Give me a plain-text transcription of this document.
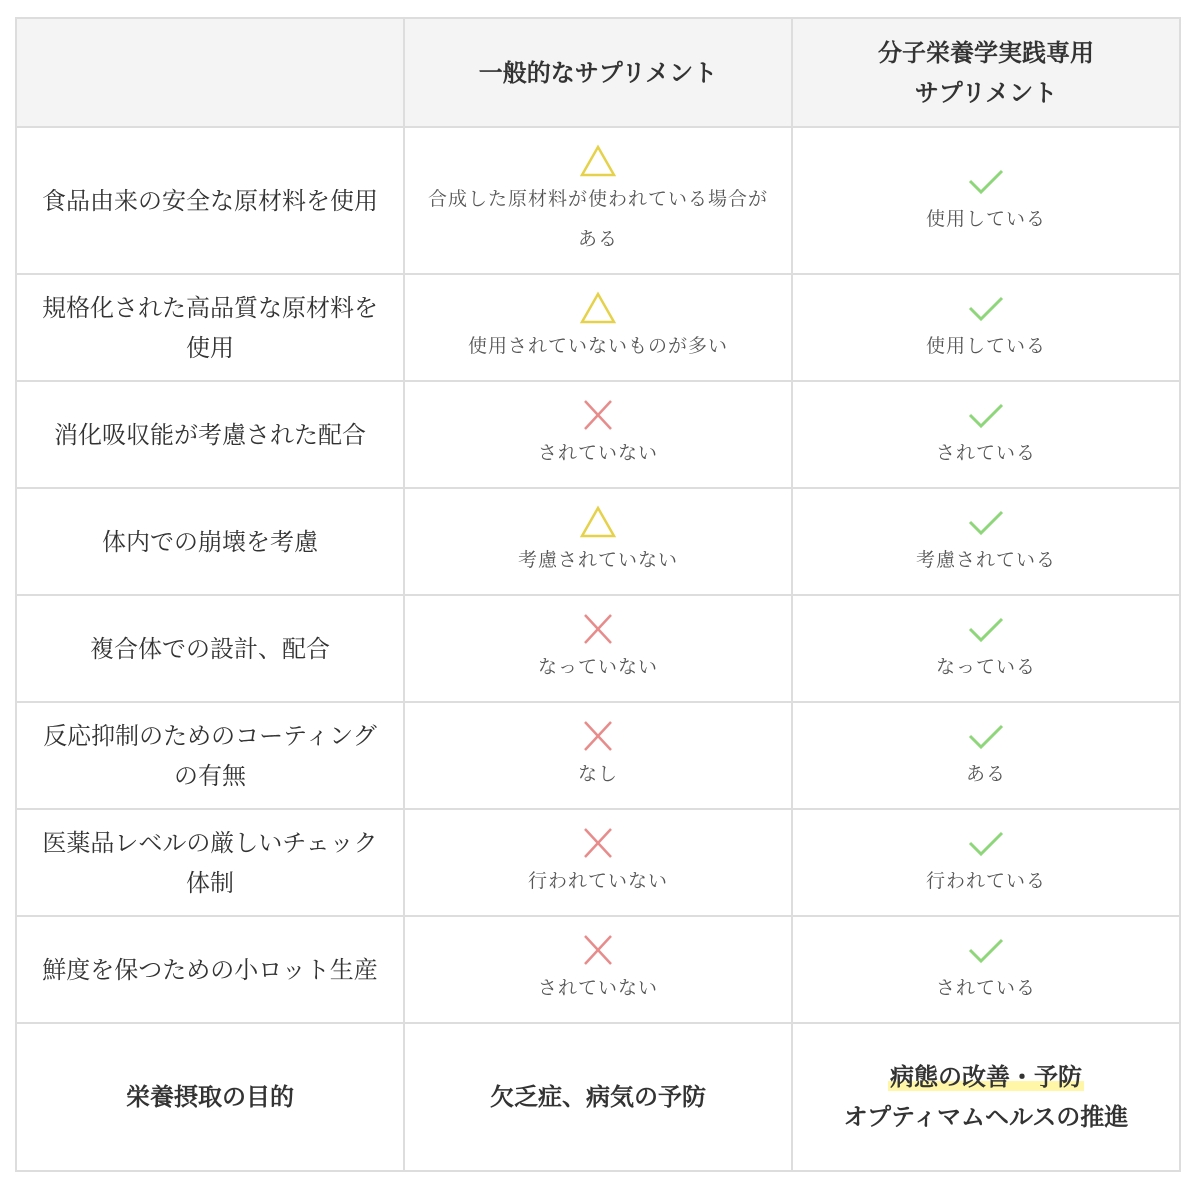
	一般的なサプリメント	分子栄養学実践専用
サプリメント
食品由来の安全な原材料を使用	合成した原材料が使われている場合がある	使用している

規格化された高品質な原材料を使用	使用されていないものが多い	使用している

消化吸収能が考慮された配合	されていない	されている

体内での崩壊を考慮	考慮されていない	考慮されている

複合体での設計、配合	なっていない	なっている

反応抑制のためのコーティングの有無	なし	ある

医薬品レベルの厳しいチェック体制	行われていない	行われている

鮮度を保つための小ロット生産	されていない	されている

栄養摂取の目的	欠乏症、病気の予防	病態の改善・予防
オプティマムヘルスの推進
